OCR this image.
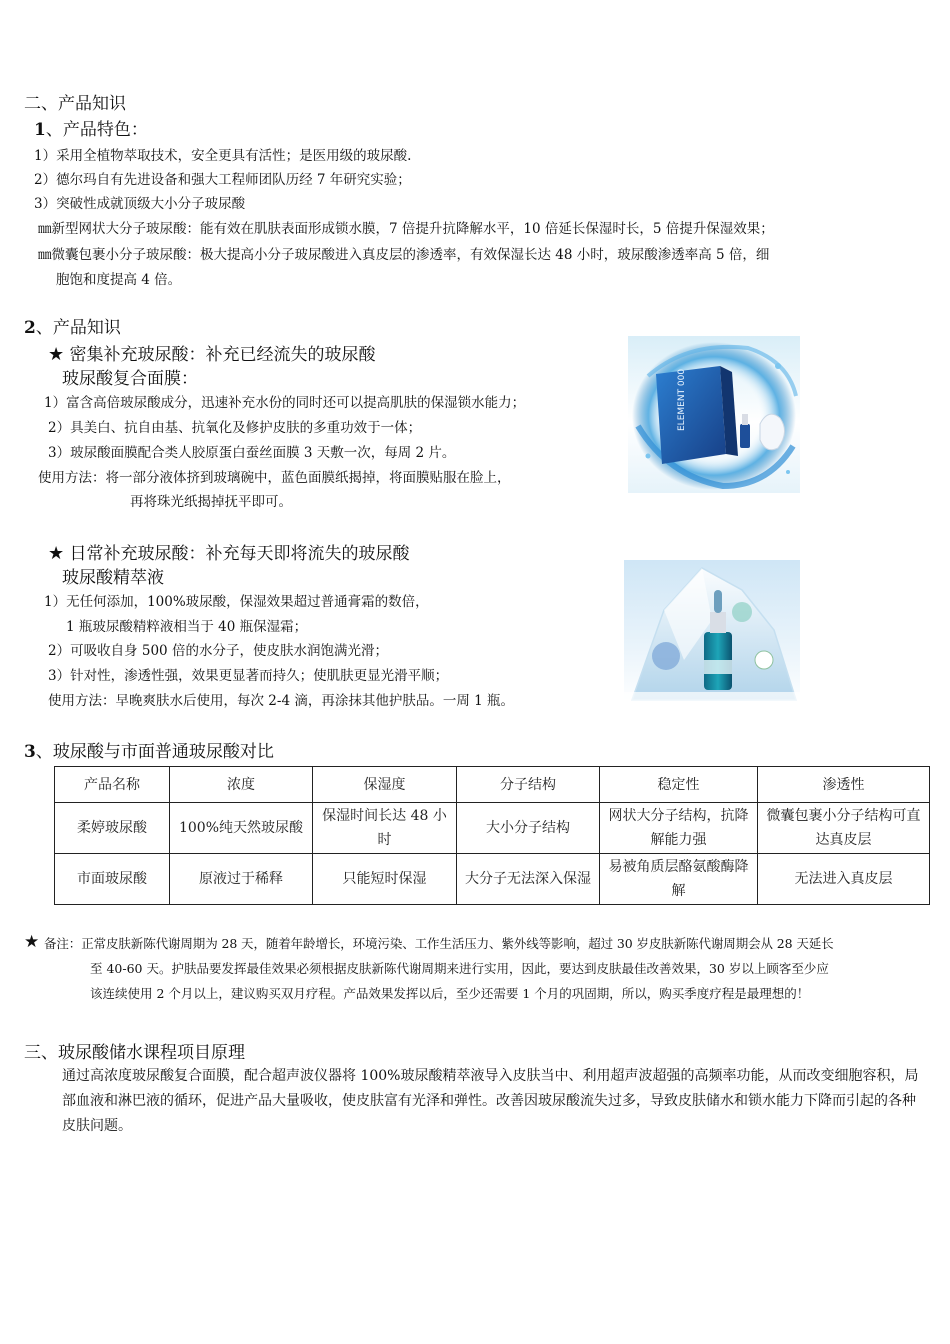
二、产品知识
1、产品特色：
1）采用全植物萃取技术，安全更具有活性；是医用级的玻尿酸.
2）德尔玛自有先进设备和强大工程师团队历经 7 年研究实验；
3）突破性成就顶级大小分子玻尿酸
㎜新型网状大分子玻尿酸：能有效在肌肤表面形成锁水膜，7 倍提升抗降解水平，10 倍延长保湿时长，5 倍提升保湿效果；
㎜微囊包裹小分子玻尿酸：极大提高小分子玻尿酸进入真皮层的渗透率，有效保湿长达 48 小时，玻尿酸渗透率高 5 倍，细
胞饱和度提高 4 倍。
2、产品知识
★ 密集补充玻尿酸：补充已经流失的玻尿酸
玻尿酸复合面膜：
1）富含高倍玻尿酸成分，迅速补充水份的同时还可以提高肌肤的保湿锁水能力；
2）具美白、抗自由基、抗氧化及修护皮肤的多重功效于一体；
3）玻尿酸面膜配合类人胶原蛋白蚕丝面膜 3 天敷一次，每周 2 片。
使用方法：将一部分液体挤到玻璃碗中，蓝色面膜纸揭掉，将面膜贴服在脸上，
再将珠光纸揭掉抚平即可。
ELEMENT 000
★ 日常补充玻尿酸：补充每天即将流失的玻尿酸
玻尿酸精萃液
1）无任何添加，100%玻尿酸，保湿效果超过普通膏霜的数倍，
1 瓶玻尿酸精粹液相当于 40 瓶保湿霜；
2）可吸收自身 500 倍的水分子，使皮肤水润饱满光滑；
3）针对性，渗透性强，效果更显著而持久；使肌肤更显光滑平顺；
使用方法：早晚爽肤水后使用，每次 2-4 滴，再涂抹其他护肤品。一周 1 瓶。
3、玻尿酸与市面普通玻尿酸对比
产品名称	浓度	保湿度	分子结构	稳定性	渗透性
柔婷玻尿酸	100%纯天然玻尿酸	保湿时间长达 48 小时	大小分子结构	网状大分子结构，抗降解能力强	微囊包裹小分子结构可直达真皮层
市面玻尿酸	原液过于稀释	只能短时保湿	大分子无法深入保湿	易被角质层酪氨酸酶降解	无法进入真皮层
★ 备注：正常皮肤新陈代谢周期为 28 天，随着年龄增长，环境污染、工作生活压力、紫外线等影响，超过 30 岁皮肤新陈代谢周期会从 28 天延长
至 40-60 天。护肤品要发挥最佳效果必须根据皮肤新陈代谢周期来进行实用，因此，要达到皮肤最佳改善效果，30 岁以上顾客至少应
该连续使用 2 个月以上，建议购买双月疗程。产品效果发挥以后，至少还需要 1 个月的巩固期，所以，购买季度疗程是最理想的！
三、玻尿酸储水课程项目原理
通过高浓度玻尿酸复合面膜，配合超声波仪器将 100%玻尿酸精萃液导入皮肤当中、利用超声波超强的高频率功能，从而改变细胞容积，局部血液和淋巴液的循环，促进产品大量吸收，使皮肤富有光泽和弹性。改善因玻尿酸流失过多，导致皮肤储水和锁水能力下降而引起的各种皮肤问题。
